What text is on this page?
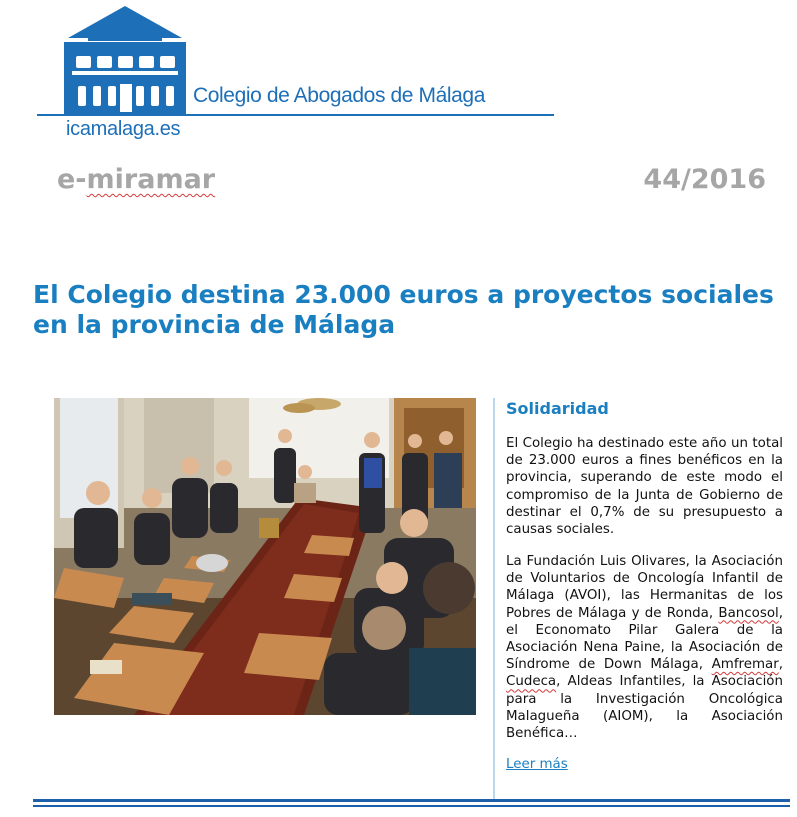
Colegio de Abogados de Málaga
icamalaga.es
e-miramar	44/2016
El Colegio destina 23.000 euros a proyectos sociales en la provincia de Málaga
Solidaridad
El Colegio ha destinado este año un total de 23.000 euros a fines benéficos en la provincia, superando de este modo el compromiso de la Junta de Gobierno de destinar el 0,7% de su presupuesto a causas sociales.
La Fundación Luis Olivares, la Asociación de Voluntarios de Oncología Infantil de Málaga (AVOI), las Hermanitas de los Pobres de Málaga y de Ronda, Bancosol, el Economato Pilar Galera de la Asociación Nena Paine, la Asociación de Síndrome de Down Málaga, Amfremar, Cudeca, Aldeas Infantiles, la Asociación para la Investigación Oncológica Malagueña (AIOM), la Asociación Benéfica…
Leer más
